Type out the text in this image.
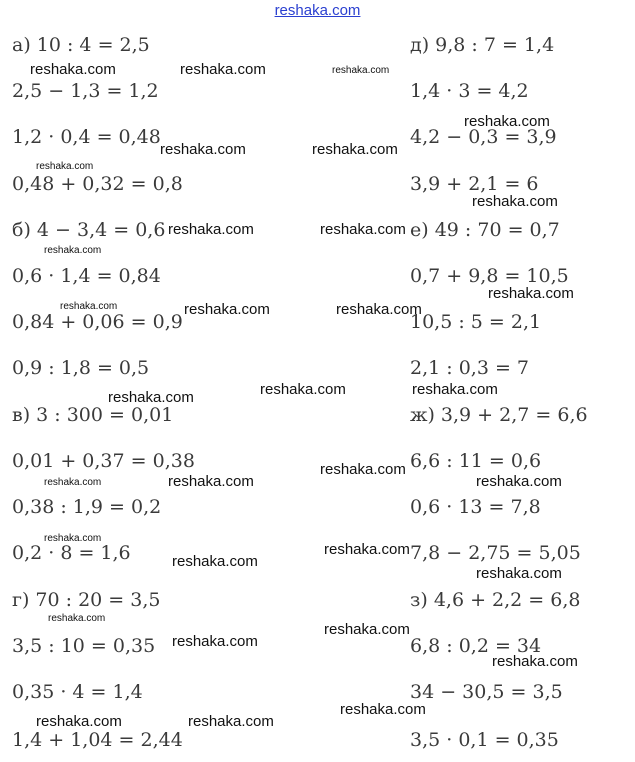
reshaka.com
а) 10 : 4 = 2,5
2,5 − 1,3 = 1,2
1,2 · 0,4 = 0,48
0,48 + 0,32 = 0,8
б) 4 − 3,4 = 0,6
0,6 · 1,4 = 0,84
0,84 + 0,06 = 0,9
0,9 : 1,8 = 0,5
в) 3 : 300 = 0,01
0,01 + 0,37 = 0,38
0,38 : 1,9 = 0,2
0,2 · 8 = 1,6
г) 70 : 20 = 3,5
3,5 : 10 = 0,35
0,35 · 4 = 1,4
1,4 + 1,04 = 2,44
д) 9,8 : 7 = 1,4
1,4 · 3 = 4,2
4,2 − 0,3 = 3,9
3,9 + 2,1 = 6
е) 49 : 70 = 0,7
0,7 + 9,8 = 10,5
10,5 : 5 = 2,1
2,1 : 0,3 = 7
ж) 3,9 + 2,7 = 6,6
6,6 : 11 = 0,6
0,6 · 13 = 7,8
7,8 − 2,75 = 5,05
з) 4,6 + 2,2 = 6,8
6,8 : 0,2 = 34
34 − 30,5 = 3,5
3,5 · 0,1 = 0,35
reshaka.com	reshaka.com	reshaka.com
reshaka.com	reshaka.com
reshaka.com
reshaka.com
reshaka.com
reshaka.com	reshaka.com
reshaka.com
reshaka.com
reshaka.com	reshaka.com	reshaka.com
reshaka.com	reshaka.com	reshaka.com
reshaka.com
reshaka.com	reshaka.com	reshaka.com
reshaka.com
reshaka.com
reshaka.com
reshaka.com
reshaka.com
reshaka.com
reshaka.com
reshaka.com
reshaka.com
reshaka.com	reshaka.com
